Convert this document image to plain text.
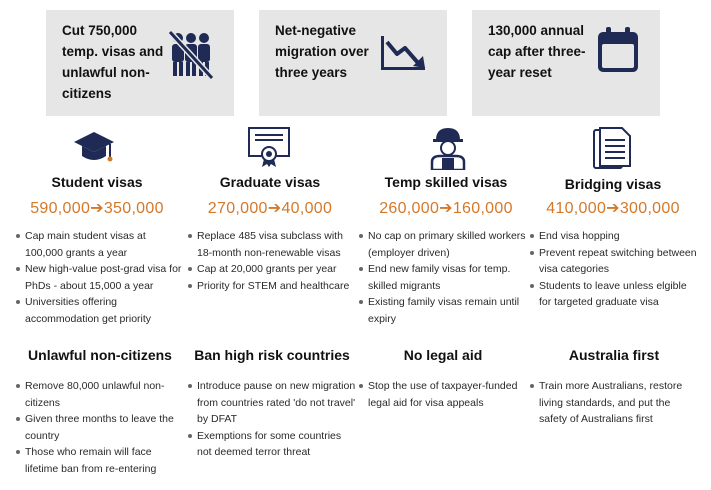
Cut 750,000 temp. visas and unlawful non-citizens
Net-negative migration over three years
130,000 annual cap after three-year reset
Student visas
590,000➔350,000
Cap main student visas at 100,000 grants a year
New high-value post-grad visa for PhDs - about 15,000 a year
Universities offering accommodation get priority
Graduate visas
270,000➔40,000
Replace 485 visa subclass with 18-month non-renewable visas
Cap at 20,000 grants per year
Priority for STEM and healthcare
Temp skilled visas
260,000➔160,000
No cap on primary skilled workers (employer driven)
End new family visas for temp. skilled migrants
Existing family visas remain until expiry
Bridging visas
410,000➔300,000
End visa hopping
Prevent repeat switching between visa categories
Students to leave unless elgible for targeted graduate visa
Unlawful non-citizens
Remove 80,000 unlawful non-citizens
Given three months to leave the country
Those who remain will face lifetime ban from re-entering
Ban high risk countries
Introduce pause on new migration from countries rated 'do not travel' by DFAT
Exemptions for some countries not deemed terror threat
No legal aid
Stop the use of taxpayer-funded legal aid for visa appeals
Australia first
Train more Australians, restore living standards, and put the safety of Australians first
